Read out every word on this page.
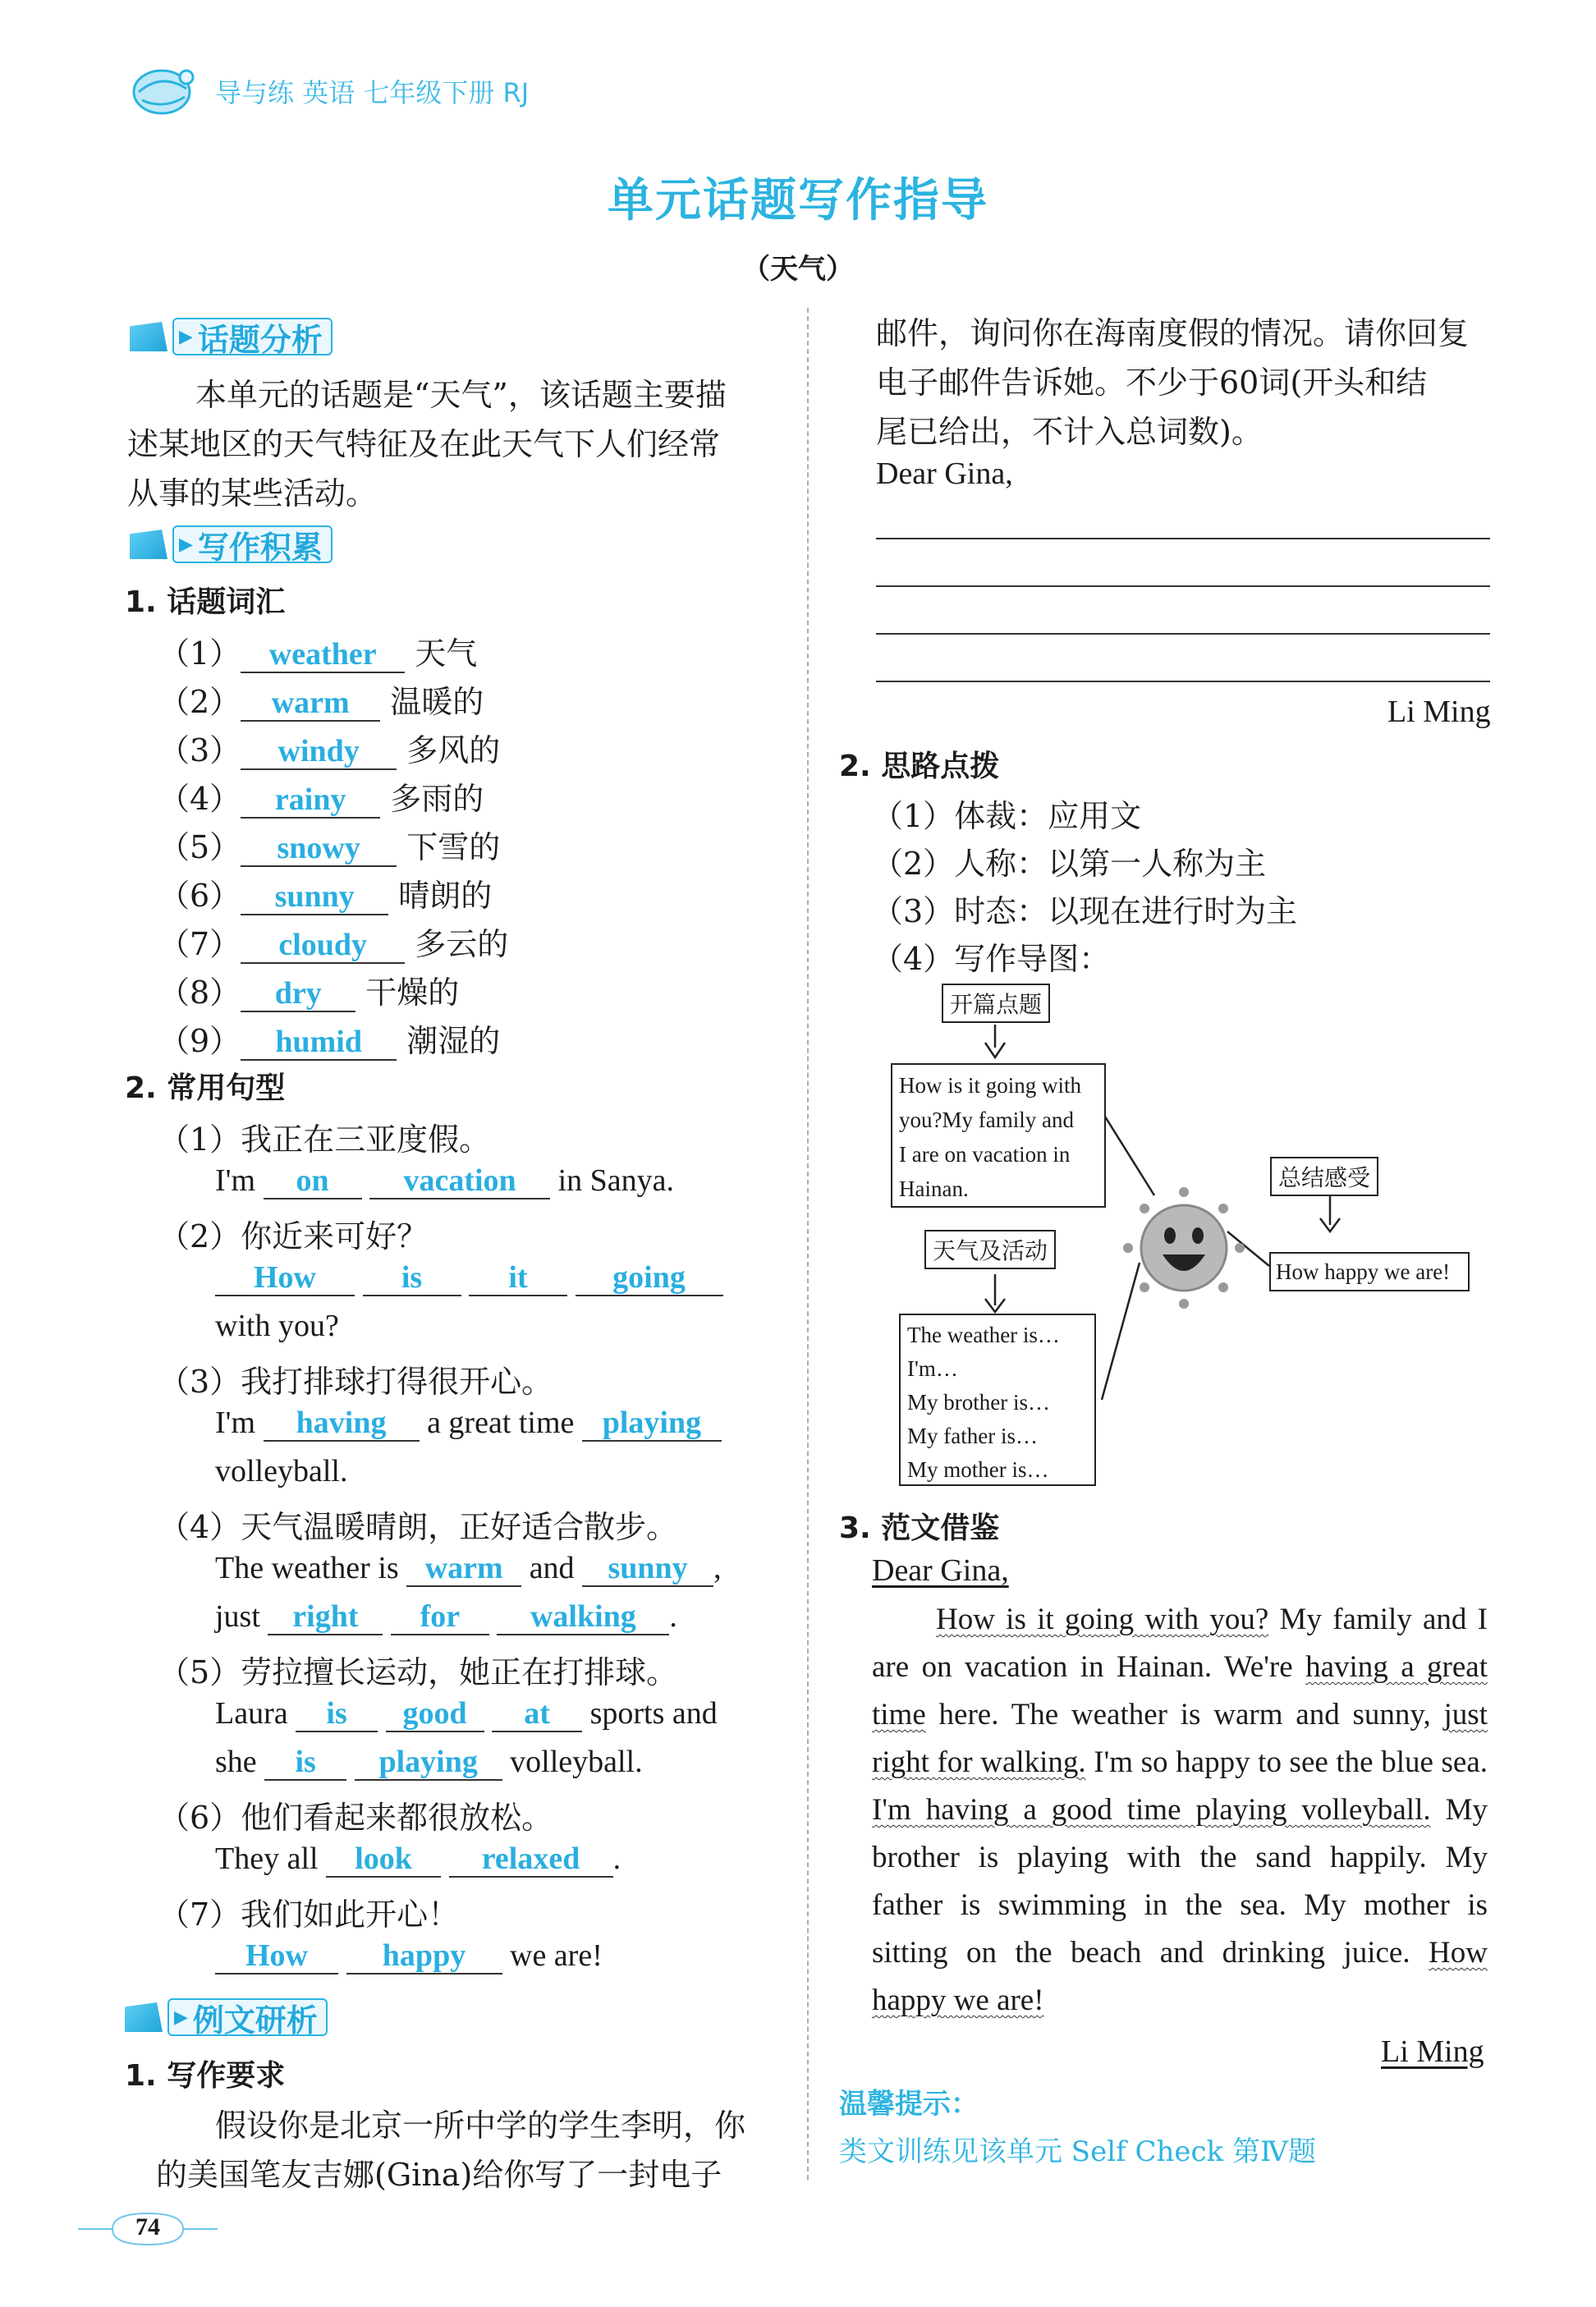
导与练 英语 七年级下册 RJ
单元话题写作指导
（天气）
▶ 话题分析
本单元的话题是“天气”，该话题主要描
述某地区的天气特征及在此天气下人们经常
从事的某些活动。
▶ 写作积累
1. 话题词汇
（1） weather 天气
（2） warm 温暖的
（3） windy 多风的
（4） rainy 多雨的
（5） snowy 下雪的
（6） sunny 晴朗的
（7） cloudy 多云的
（8） dry 干燥的
（9） humid 潮湿的
2. 常用句型
（1）我正在三亚度假。
I'm on vacation in Sanya.
（2）你近来可好？
How	is	it	going
with you?
（3）我打排球打得很开心。
I'm having a great time playing
volleyball.
（4）天气温暖晴朗，正好适合散步。
The weather is warm and sunny ,
just right for walking .
（5）劳拉擅长运动，她正在打排球。
Laura is good at sports and
she is playing volleyball.
（6）他们看起来都很放松。
They all look relaxed .
（7）我们如此开心！
How happy we are!
▶ 例文研析
1. 写作要求
假设你是北京一所中学的学生李明，你
的美国笔友吉娜(Gina)给你写了一封电子
74
邮件，询问你在海南度假的情况。请你回复
电子邮件告诉她。不少于60词(开头和结
尾已给出，不计入总词数)。
Dear Gina,
Li Ming
2. 思路点拨
（1）体裁：应用文
（2）人称：以第一人称为主
（3）时态：以现在进行时为主
（4）写作导图：
开篇点题
How is it going with
you?My family and
I are on vacation in
Hainan.
天气及活动
The weather is…
I'm…
My brother is…
My father is…
My mother is…
总结感受
How happy we are!
3. 范文借鉴
Dear Gina,
How is it going with you? My family and I are on vacation in Hainan. We're having a great time here. The weather is warm and sunny, just right for walking. I'm so happy to see the blue sea. I'm having a good time playing volleyball. My brother is playing with the sand happily. My father is swimming in the sea. My mother is sitting on the beach and drinking juice. How happy we are!
Li Ming
温馨提示：
类文训练见该单元 Self Check 第Ⅳ题
